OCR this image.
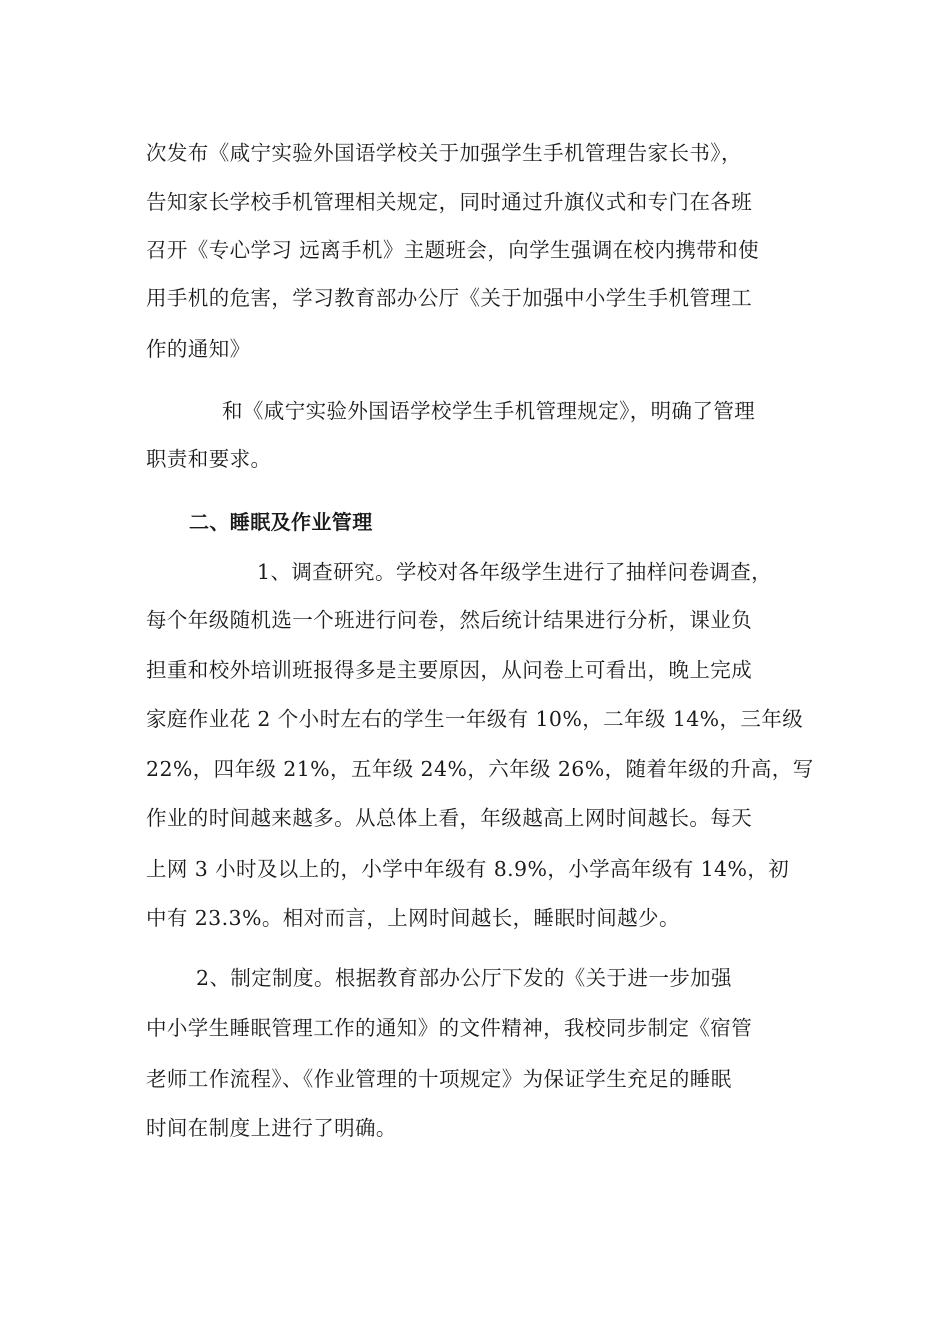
次发布《咸宁实验外国语学校关于加强学生手机管理告家长书》，
告知家长学校手机管理相关规定，同时通过升旗仪式和专门在各班
召开《专心学习 远离手机》主题班会，向学生强调在校内携带和使
用手机的危害，学习教育部办公厅《关于加强中小学生手机管理工
作的通知》
和《咸宁实验外国语学校学生手机管理规定》，明确了管理
职责和要求。
二、睡眠及作业管理
1、调查研究。学校对各年级学生进行了抽样问卷调查，
每个年级随机选一个班进行问卷，然后统计结果进行分析，课业负
担重和校外培训班报得多是主要原因，从问卷上可看出，晚上完成
家庭作业花 2 个小时左右的学生一年级有 10%，二年级 14%，三年级
22%，四年级 21%，五年级 24%，六年级 26%，随着年级的升高，写
作业的时间越来越多。从总体上看，年级越高上网时间越长。每天
上网 3 小时及以上的，小学中年级有 8.9%，小学高年级有 14%，初
中有 23.3%。相对而言，上网时间越长，睡眠时间越少。
2、制定制度。根据教育部办公厅下发的《关于进一步加强
中小学生睡眠管理工作的通知》的文件精神，我校同步制定《宿管
老师工作流程》、《作业管理的十项规定》为保证学生充足的睡眠
时间在制度上进行了明确。
